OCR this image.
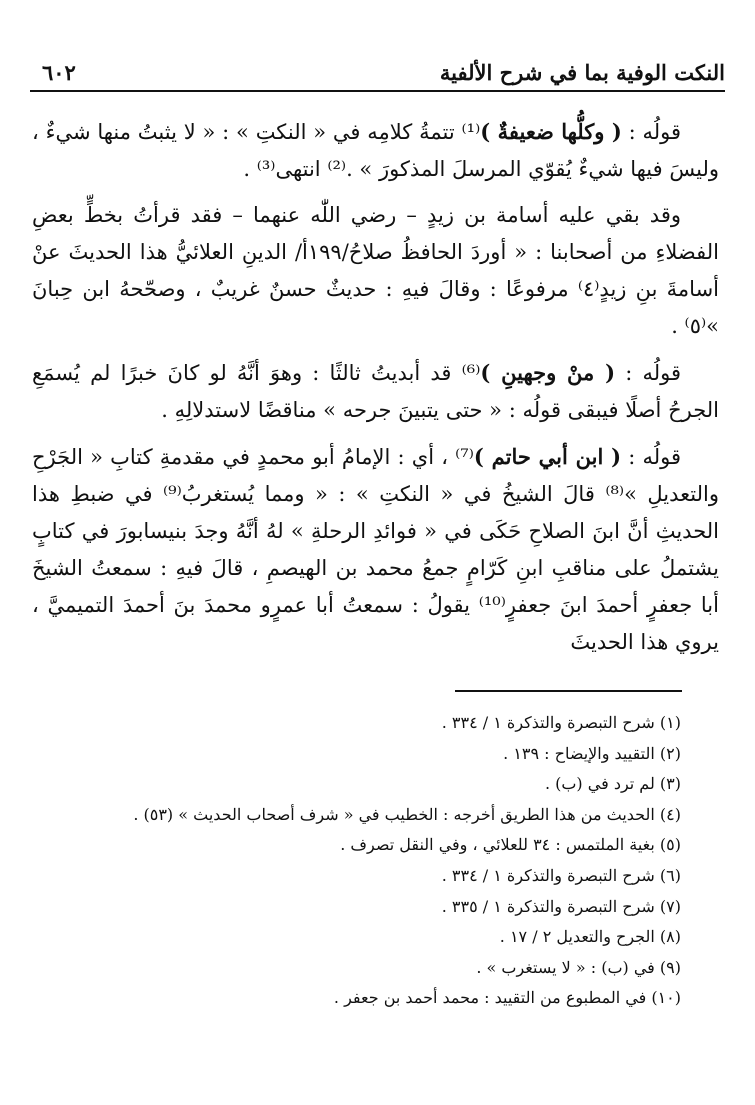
النكت الوفية بما في شرح الألفية
٦٠٢

قولُه : ( وكلُّها ضعيفةٌ )⁽¹⁾ تتمةُ كلامِه في « النكتِ » : « لا يثبتُ منها شيءٌ ، وليسَ فيها شيءٌ يُقوّي المرسلَ المذكورَ » .⁽²⁾ انتهى⁽³⁾ .

وقد بقي عليه أسامة بن زيدٍ – رضي اللّٰه عنهما – فقد قرأتُ بخطٍّ بعضِ الفضلاءِ من أصحابنا : « أوردَ الحافظُ صلاحُ/١٩٩أ/ الدينِ العلائيُّ هذا الحديثَ عنْ أسامةَ بنِ زيدٍ⁽٤⁾ مرفوعًا : وقالَ فيهِ : حديثٌ حسنٌ غريبٌ ، وصحّحهُ ابن حِبانَ »⁽٥⁾ .

قولُه : ( منْ وجهينِ )⁽⁶⁾ قد أبديتُ ثالثًا : وهوَ أنَّهُ لو كانَ خبرًا لم يُسمَعِ الجرحُ أصلًا فيبقى قولُه : « حتى يتبينَ جرحه » مناقضًا لاستدلالِهِ .

قولُه : ( ابن أبي حاتم )⁽⁷⁾ ، أي : الإمامُ أبو محمدٍ في مقدمةِ كتابِ « الجَرْحِ والتعديلِ »⁽⁸⁾ قالَ الشيخُ في « النكتِ » : « ومما يُستغربُ⁽⁹⁾ في ضبطِ هذا الحديثِ أنَّ ابنَ الصلاحِ حَكَى في « فوائدِ الرحلةِ » لهُ أنَّهُ وجدَ بنيسابورَ في كتابٍ يشتملُ على مناقبِ ابنِ كَرّامٍ جمعُ محمد بن الهيصمِ ، قالَ فيهِ : سمعتُ الشيخَ أبا جعفرٍ أحمدَ ابنَ جعفرٍ⁽¹⁰⁾ يقولُ : سمعتُ أبا عمرٍو محمدَ بنَ أحمدَ التميميَّ ، يروي هذا الحديثَ

(١) شرح التبصرة والتذكرة ١ / ٣٣٤ .
(٢) التقييد والإيضاح : ١٣٩ .
(٣) لم ترد في (ب) .
(٤) الحديث من هذا الطريق أخرجه : الخطيب في « شرف أصحاب الحديث » (٥٣) .
(٥) بغية الملتمس : ٣٤ للعلائي ، وفي النقل تصرف .
(٦) شرح التبصرة والتذكرة ١ / ٣٣٤ .
(٧) شرح التبصرة والتذكرة ١ / ٣٣٥ .
(٨) الجرح والتعديل ٢ / ١٧ .
(٩) في (ب) : « لا يستغرب » .
(١٠) في المطبوع من التقييد : محمد أحمد بن جعفر .
